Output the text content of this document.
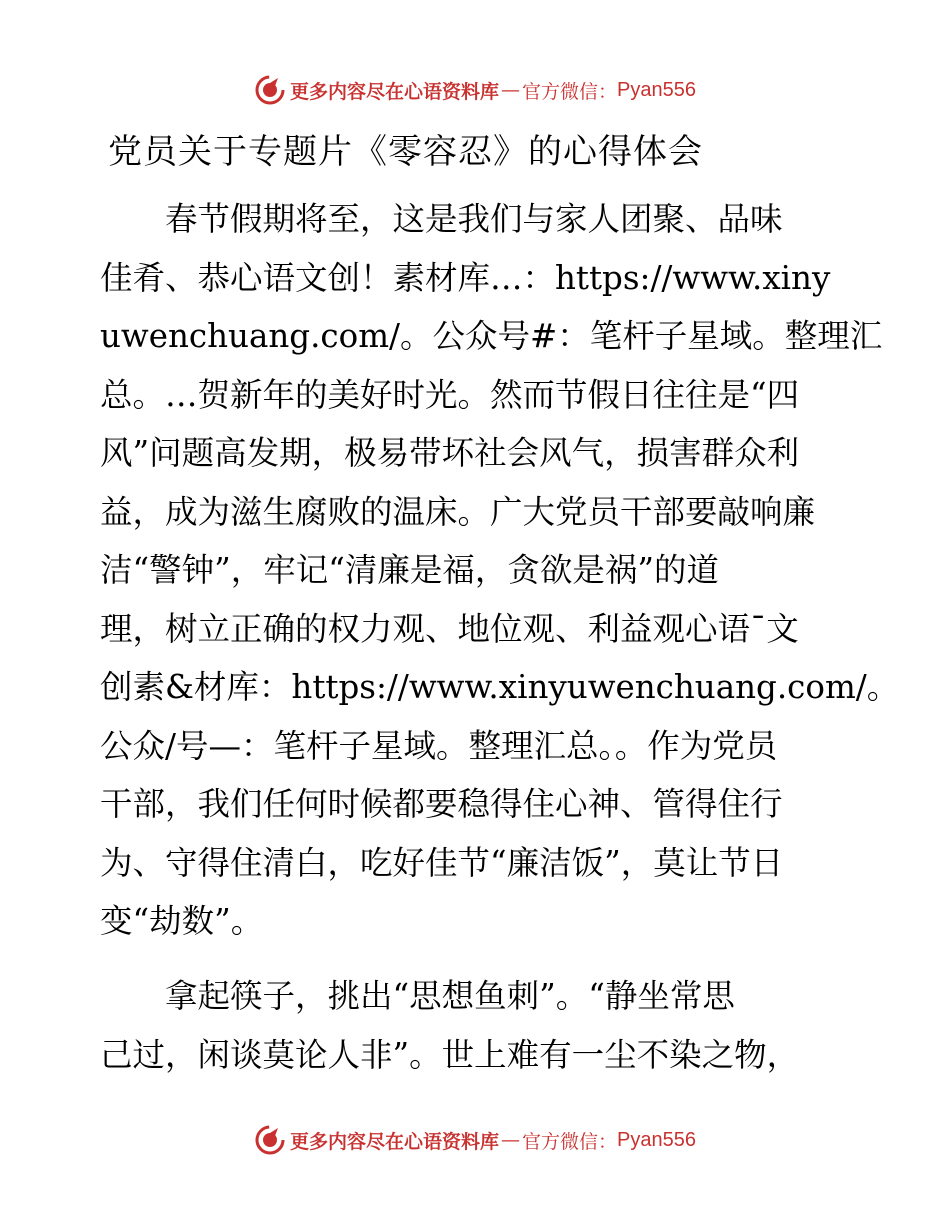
更多内容尽在心语资料库 — 官方微信： Pyan556
党员关于专题片《零容忍》的心得体会
　　春节假期将至，这是我们与家人团聚、品味
佳肴、恭心语文创！素材库…：https://www.xiny
uwenchuang.com/。公众号#：笔杆子星域。整理汇
总。…贺新年的美好时光。然而节假日往往是“四
风”问题高发期，极易带坏社会风气，损害群众利
益，成为滋生腐败的温床。广大党员干部要敲响廉
洁“警钟”，牢记“清廉是福，贪欲是祸”的道
理，树立正确的权力观、地位观、利益观心语¯文
创素&材库：https://www.xinyuwenchuang.com/。
公众/号—：笔杆子星域。整理汇总。。作为党员
干部，我们任何时候都要稳得住心神、管得住行
为、守得住清白，吃好佳节“廉洁饭”，莫让节日
变“劫数”。
　　拿起筷子，挑出“思想鱼刺”。“静坐常思
己过，闲谈莫论人非”。世上难有一尘不染之物，
更多内容尽在心语资料库 — 官方微信： Pyan556
